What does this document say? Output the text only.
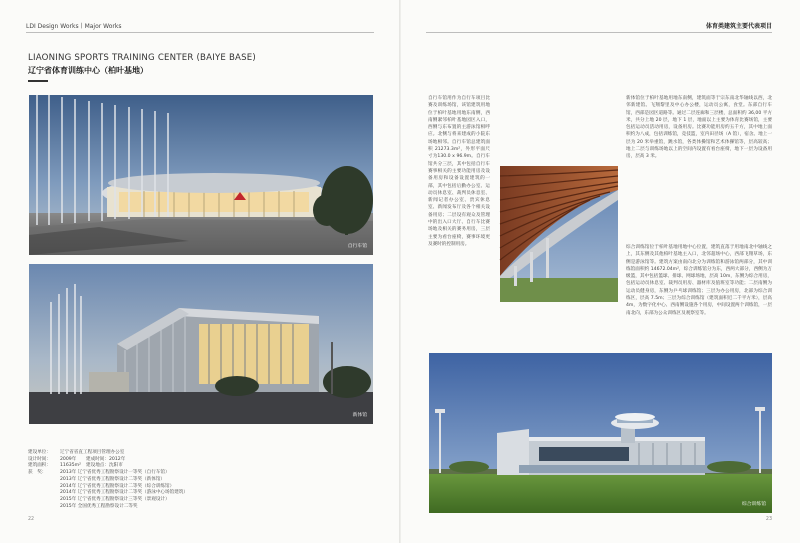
LDI Design Works丨Major Works	体育类建筑主要代表项目
LIAONING SPORTS TRAINING CENTER (BAIYE BASE)
辽宁省体育训练中心（柏叶基地）
自行车馆
新体馆
建设单位：	辽宁省省直工程项目管理办公室
设计时间：	2009年	建成时间： 2012年
建筑面积：	11635m²	建设地点： 沈阳市
获　奖：	2013年 辽宁省优秀工程勘察设计一等奖（自行车馆）
2013年 辽宁省优秀工程勘察设计二等奖（新体馆）
2014年 辽宁省优秀工程勘察设计二等奖（综合训练馆）
2014年 辽宁省优秀工程勘察设计二等奖（游泳中心场馆建筑）
2015年 辽宁省优秀工程勘察设计三等奖（景观设计）
2015年 全国优秀工程勘察设计二等奖
22
自行车馆用作为自行车项目比赛及训练场馆，该馆建筑用地位于柏叶基地用地东南侧，西南侧紧邻柏叶基地园区入口，西侧与东布置的主游泳馆相呼应。北侧与将来建成的小院东场地相邻。自行车馆总建筑面积 21273.3m²，外形平面尺寸为130.0 x 96.9m。自行车馆共分三层，其中包括自行车赛事相关的主要功能用房及设备用房和设备设置建筑的一部，其中包括后勤办公室、运动员休息室、裁判员休息室、新闻记者办公室、贵宾休息室、新闻发布厅及各个相关设备用房；二层设有观众及管理中的出入口大厅、自行车比赛场地及相关的赛务用房，三层主要为看台座椅，赛事环境更及赛时的控制用房。
新体馆位于柏叶基地用地东南侧，建筑面等于宗东南北华轴线以西，北邻新建馆。飞翔黎里及中心办公楼，运动员公寓，食堂。东部自行车馆，西部是园区道路等。通过二层连廊和三层楼，总面积约 36,00 平方米，共分上地 20 层，地下 1 层，地面以上主要为体育比赛场馆，主要包括运动员活动用房，设备用房。比赛功能用房约五千方，其中地上面积约为八成，包括训练馆，竞技篮，室内田径场（A 馆），宿舍。地上一层为 20 米举重馆，跳水馆，各类体操馆和艺术体操馆等，层高较高；地上二层与训练场地以上的空间内设置有看台座椅，地下一层为设备用房，层高 3 米。
综合训练馆位于柏叶基地用地中心位置，建筑直落于用地南北中轴线之上，其东侧及其他柏叶基地主入口，北邻超场中心，西部飞翔草场，东侧是游泳馆等。建筑方案由南向北分为训练馆和游泳馆两部分，其中训练馆面积约 14672.04m²，综合训练馆分为东，西两大部分，西侧为万级篮，其中包括篮球、排球、网球场地，层高 10m，东侧为综合用房，包括运动员休息室、裁判员用房、器材库及值班室等功能；二层南侧为运动员健身房，东侧为乒乓球训练馆；三层为办公用房，北部为综合训练区，层高 7.5m；三层为综合训练馆（建筑面积近二千平方米），层高 4m，为数字化中心、西南侧设施各个用房，中间设置两个训练馆，一层南北向，东部为公众训练区及观察室等。
综合训练馆
23
